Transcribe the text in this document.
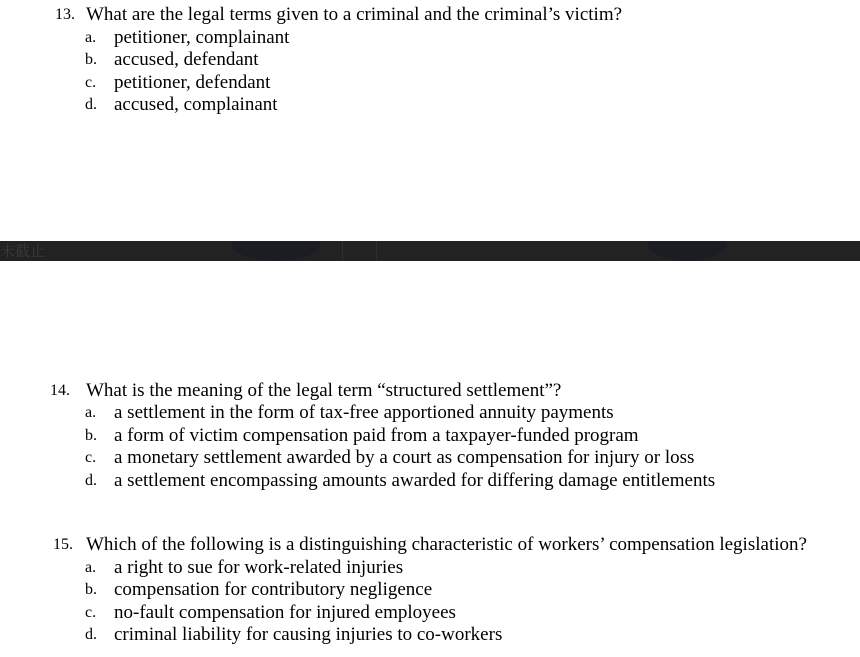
13. What are the legal terms given to a criminal and the criminal’s victim?
a. petitioner, complainant
b. accused, defendant
c. petitioner, defendant
d. accused, complainant
未截止
14. What is the meaning of the legal term “structured settlement”?
a. a settlement in the form of tax-free apportioned annuity payments
b. a form of victim compensation paid from a taxpayer-funded program
c. a monetary settlement awarded by a court as compensation for injury or loss
d. a settlement encompassing amounts awarded for differing damage entitlements
15. Which of the following is a distinguishing characteristic of workers’ compensation legislation?
a. a right to sue for work-related injuries
b. compensation for contributory negligence
c. no-fault compensation for injured employees
d. criminal liability for causing injuries to co-workers
